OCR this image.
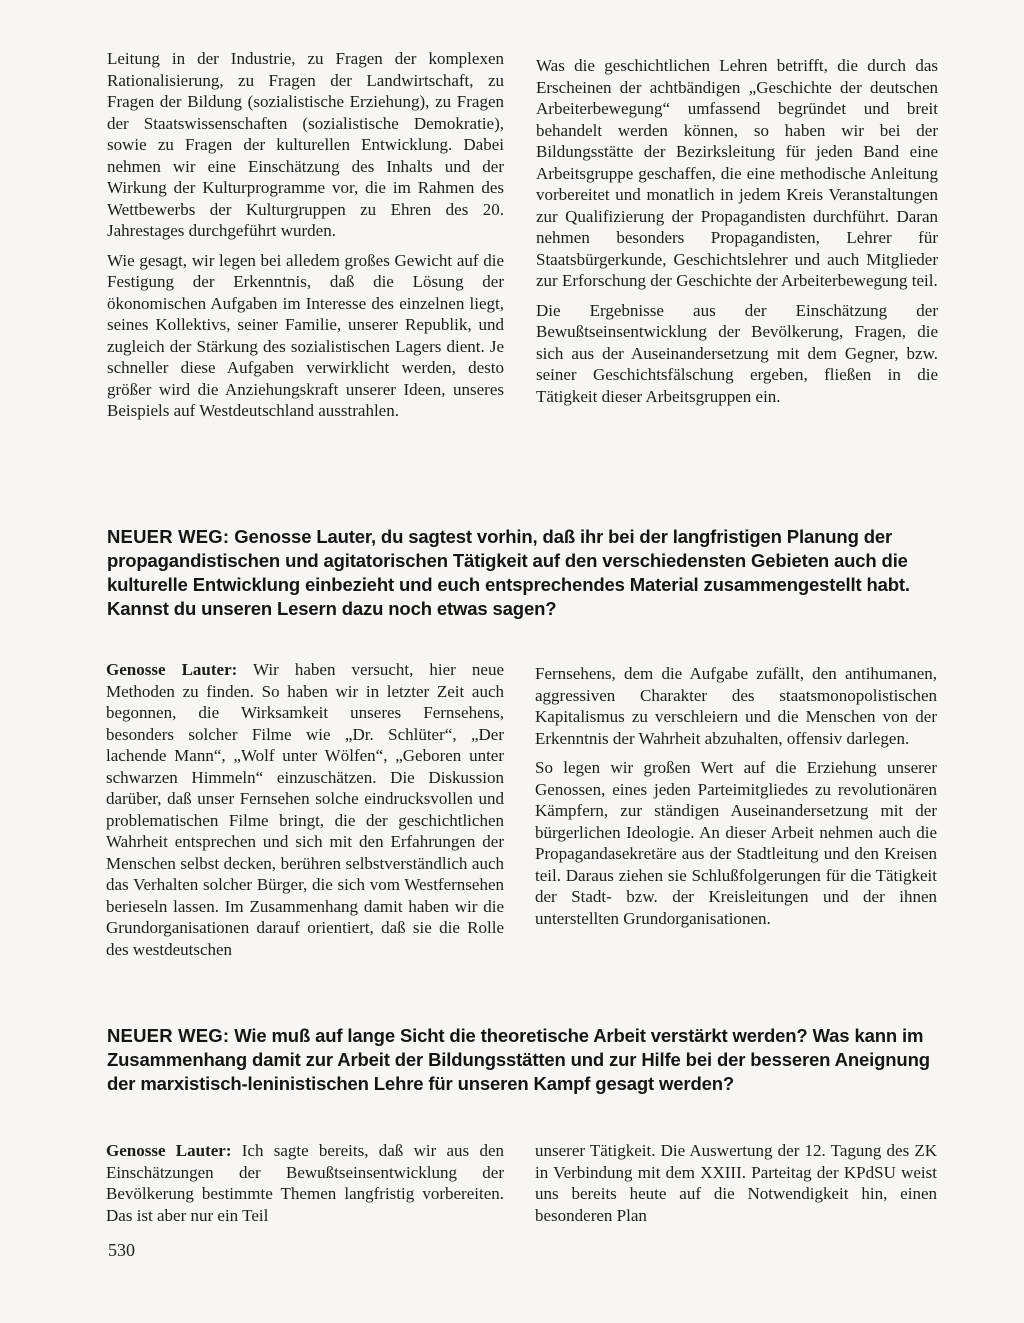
Leitung in der Industrie, zu Fragen der komplexen Rationalisierung, zu Fragen der Landwirtschaft, zu Fragen der Bildung (sozialistische Erziehung), zu Fragen der Staatswissenschaften (sozialistische Demokratie), sowie zu Fragen der kulturellen Entwicklung. Dabei nehmen wir eine Einschätzung des Inhalts und der Wirkung der Kulturprogramme vor, die im Rahmen des Wettbewerbs der Kulturgruppen zu Ehren des 20. Jahrestages durchgeführt wurden.

Wie gesagt, wir legen bei alledem großes Gewicht auf die Festigung der Erkenntnis, daß die Lösung der ökonomischen Aufgaben im Interesse des einzelnen liegt, seines Kollektivs, seiner Familie, unserer Republik, und zugleich der Stärkung des sozialistischen Lagers dient. Je schneller diese Aufgaben verwirklicht werden, desto größer wird die Anziehungskraft unserer Ideen, unseres Beispiels auf Westdeutschland ausstrahlen.

Was die geschichtlichen Lehren betrifft, die durch das Erscheinen der achtbändigen „Geschichte der deutschen Arbeiterbewegung“ umfassend begründet und breit behandelt werden können, so haben wir bei der Bildungsstätte der Bezirksleitung für jeden Band eine Arbeitsgruppe geschaffen, die eine methodische Anleitung vorbereitet und monatlich in jedem Kreis Veranstaltungen zur Qualifizierung der Propagandisten durchführt. Daran nehmen besonders Propagandisten, Lehrer für Staatsbürgerkunde, Geschichtslehrer und auch Mitglieder zur Erforschung der Geschichte der Arbeiterbewegung teil.

Die Ergebnisse aus der Einschätzung der Bewußtseinsentwicklung der Bevölkerung, Fragen, die sich aus der Auseinandersetzung mit dem Gegner, bzw. seiner Geschichtsfälschung ergeben, fließen in die Tätigkeit dieser Arbeitsgruppen ein.

NEUER WEG: Genosse Lauter, du sagtest vorhin, daß ihr bei der langfristigen Planung der propagandistischen und agitatorischen Tätigkeit auf den verschiedensten Gebieten auch die kulturelle Entwicklung einbezieht und euch entsprechendes Material zusammengestellt habt. Kannst du unseren Lesern dazu noch etwas sagen?

Genosse Lauter: Wir haben versucht, hier neue Methoden zu finden. So haben wir in letzter Zeit auch begonnen, die Wirksamkeit unseres Fernsehens, besonders solcher Filme wie „Dr. Schlüter“, „Der lachende Mann“, „Wolf unter Wölfen“, „Geboren unter schwarzen Himmeln“ einzuschätzen. Die Diskussion darüber, daß unser Fernsehen solche eindrucksvollen und problematischen Filme bringt, die der geschichtlichen Wahrheit entsprechen und sich mit den Erfahrungen der Menschen selbst decken, berühren selbstverständlich auch das Verhalten solcher Bürger, die sich vom Westfernsehen berieseln lassen. Im Zusammenhang damit haben wir die Grundorganisationen darauf orientiert, daß sie die Rolle des westdeutschen

Fernsehens, dem die Aufgabe zufällt, den antihumanen, aggressiven Charakter des staatsmonopolistischen Kapitalismus zu verschleiern und die Menschen von der Erkenntnis der Wahrheit abzuhalten, offensiv darlegen.

So legen wir großen Wert auf die Erziehung unserer Genossen, eines jeden Parteimitgliedes zu revolutionären Kämpfern, zur ständigen Auseinandersetzung mit der bürgerlichen Ideologie. An dieser Arbeit nehmen auch die Propagandasekretäre aus der Stadtleitung und den Kreisen teil. Daraus ziehen sie Schlußfolgerungen für die Tätigkeit der Stadt- bzw. der Kreisleitungen und der ihnen unterstellten Grundorganisationen.

NEUER WEG: Wie muß auf lange Sicht die theoretische Arbeit verstärkt werden? Was kann im Zusammenhang damit zur Arbeit der Bildungsstätten und zur Hilfe bei der besseren Aneignung der marxistisch-leninistischen Lehre für unseren Kampf gesagt werden?

Genosse Lauter: Ich sagte bereits, daß wir aus den Einschätzungen der Bewußtseinsentwicklung der Bevölkerung bestimmte Themen langfristig vorbereiten. Das ist aber nur ein Teil

unserer Tätigkeit. Die Auswertung der 12. Tagung des ZK in Verbindung mit dem XXIII. Parteitag der KPdSU weist uns bereits heute auf die Notwendigkeit hin, einen besonderen Plan

530
